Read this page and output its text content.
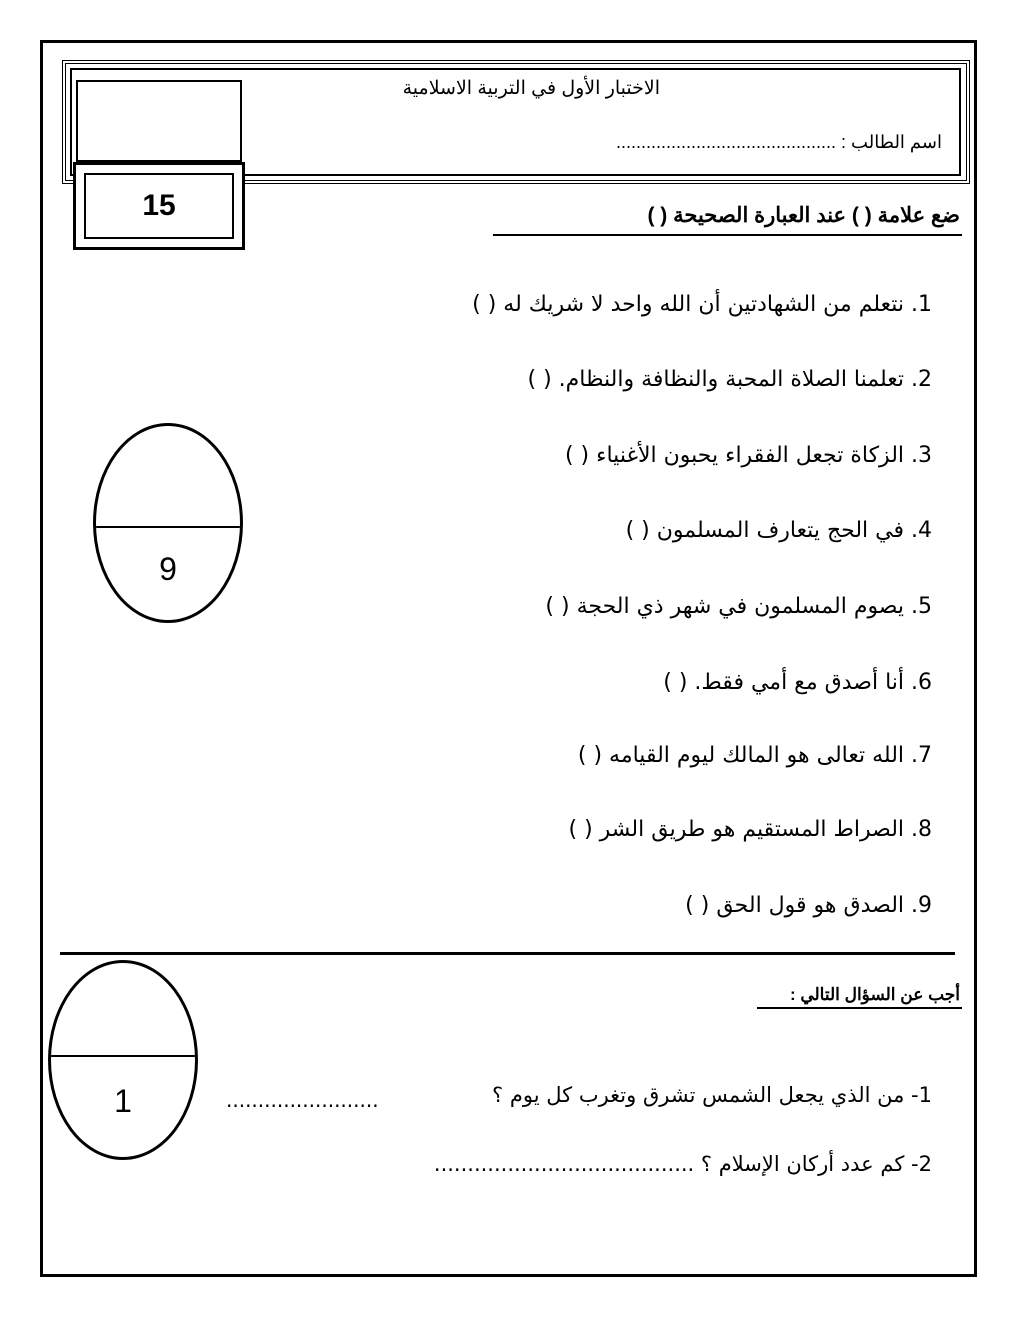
15
الاختبار الأول في التربية الاسلامية
اسم الطالب : ............................................
ضع علامة ( ) عند العبارة الصحيحة ( )
1. نتعلم من الشهادتين أن الله واحد لا شريك له ( )
2. تعلمنا الصلاة المحبة والنظافة والنظام. ( )
3. الزكاة تجعل الفقراء يحبون الأغنياء ( )
4. في الحج يتعارف المسلمون ( )
5. يصوم المسلمون في شهر ذي الحجة ( )
6. أنا أصدق مع أمي فقط. ( )
7. الله تعالى هو المالك ليوم القيامه ( )
8. الصراط المستقيم هو طريق الشر ( )
9. الصدق هو قول الحق ( )
9
أجب عن السؤال التالي :
1	1- من الذي يجعل الشمس تشرق وتغرب كل يوم ؟
........................
2- كم عدد أركان الإسلام ؟ .......................................
